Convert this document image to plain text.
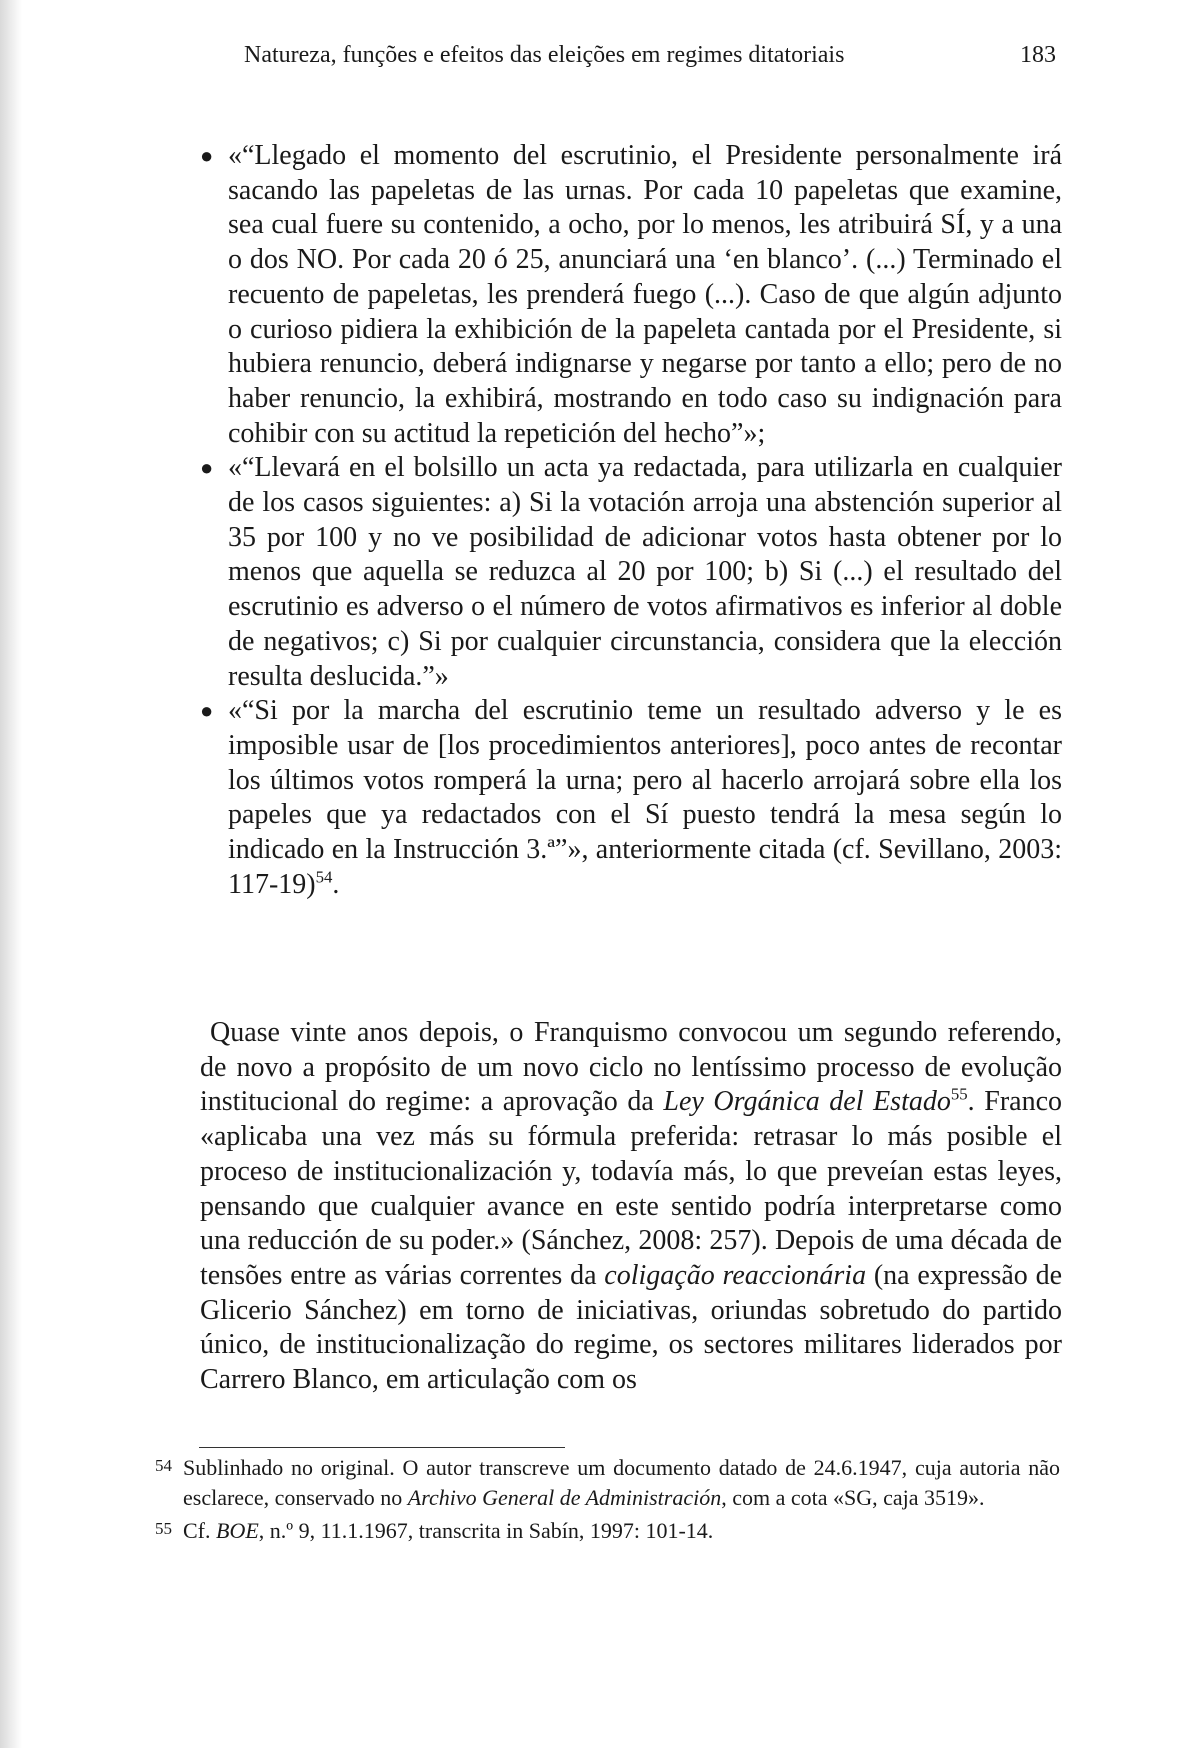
Natureza, funções e efeitos das eleições em regimes ditatoriais	183
● «“Llegado el momento del escrutinio, el Presidente personalmente irá sacando las papeletas de las urnas. Por cada 10 papeletas que examine, sea cual fuere su contenido, a ocho, por lo menos, les atribuirá SÍ, y a una o dos NO. Por cada 20 ó 25, anunciará una ‘en blanco’. (...) Terminado el recuento de papeletas, les prenderá fuego (...). Caso de que algún adjunto o curioso pidiera la exhibición de la papeleta cantada por el Presidente, si hubiera renuncio, deberá indignarse y negarse por tanto a ello; pero de no haber renuncio, la exhibirá, mostrando en todo caso su indignación para cohibir con su actitud la repetición del hecho”»;
● «“Llevará en el bolsillo un acta ya redactada, para utilizarla en cualquier de los casos siguientes: a) Si la votación arroja una abstención superior al 35 por 100 y no ve posibilidad de adicionar votos hasta obtener por lo menos que aquella se reduzca al 20 por 100; b) Si (...) el resultado del escrutinio es adverso o el número de votos afirmativos es inferior al doble de negativos; c) Si por cualquier circunstancia, considera que la elección resulta deslucida.”»
● «“Si por la marcha del escrutinio teme un resultado adverso y le es imposible usar de [los procedimientos anteriores], poco antes de recontar los últimos votos romperá la urna; pero al hacerlo arrojará sobre ella los papeles que ya redactados con el Sí puesto tendrá la mesa según lo indicado en la Instrucción 3.ª”», anteriormente citada (cf. Sevillano, 2003: 117-19)$^{54}$.

Quase vinte anos depois, o Franquismo convocou um segundo referendo, de novo a propósito de um novo ciclo no lentíssimo processo de evolução institucional do regime: a aprovação da Ley Orgánica del Estado$^{55}$. Franco «aplicaba una vez más su fórmula preferida: retrasar lo más posible el proceso de institucionalización y, todavía más, lo que preveían estas leyes, pensando que cualquier avance en este sentido podría interpretarse como una reducción de su poder.» (Sánchez, 2008: 257). Depois de uma década de tensões entre as várias correntes da coligação reaccionária (na expressão de Glicerio Sánchez) em torno de iniciativas, oriundas sobretudo do partido único, de institucionalização do regime, os sectores militares liderados por Carrero Blanco, em articulação com os

54 Sublinhado no original. O autor transcreve um documento datado de 24.6.1947, cuja autoria não esclarece, conservado no Archivo General de Administración, com a cota «SG, caja 3519».
55 Cf. BOE, n.º 9, 11.1.1967, transcrita in Sabín, 1997: 101-14.
